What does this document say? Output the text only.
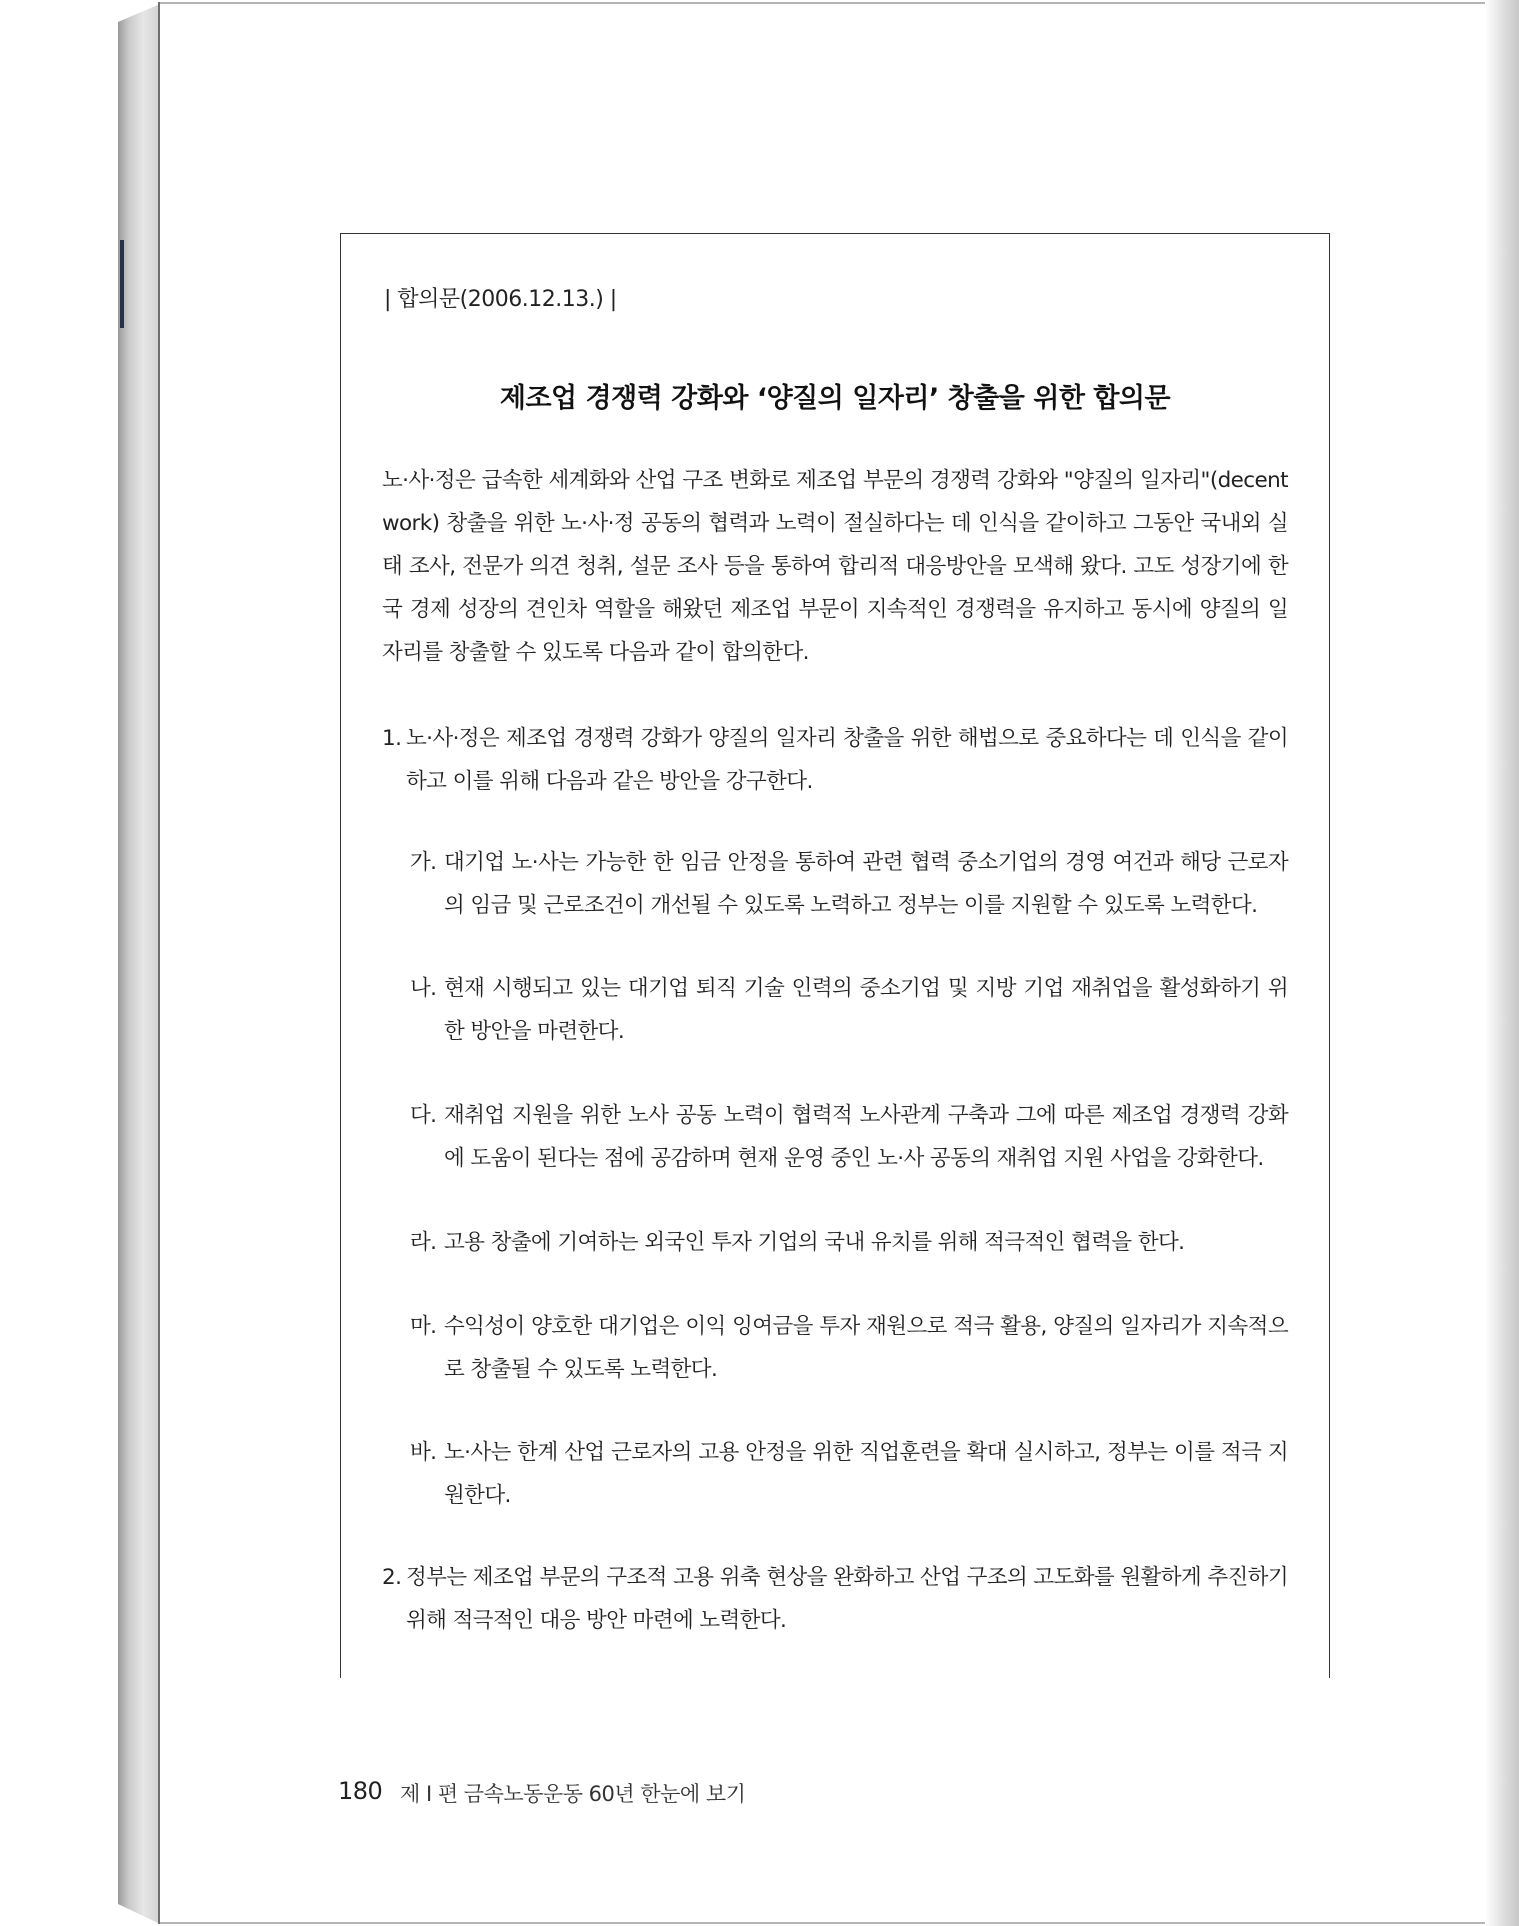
| 합의문(2006.12.13.) |
제조업 경쟁력 강화와 ‘양질의 일자리’ 창출을 위한 합의문
노·사·정은 급속한 세계화와 산업 구조 변화로 제조업 부문의 경쟁력 강화와 "양질의 일자리"(decent work) 창출을 위한 노·사·정 공동의 협력과 노력이 절실하다는 데 인식을 같이하고 그동안 국내외 실태 조사, 전문가 의견 청취, 설문 조사 등을 통하여 합리적 대응방안을 모색해 왔다. 고도 성장기에 한국 경제 성장의 견인차 역할을 해왔던 제조업 부문이 지속적인 경쟁력을 유지하고 동시에 양질의 일자리를 창출할 수 있도록 다음과 같이 합의한다.
1. 노·사·정은 제조업 경쟁력 강화가 양질의 일자리 창출을 위한 해법으로 중요하다는 데 인식을 같이 하고 이를 위해 다음과 같은 방안을 강구한다.
가. 대기업 노·사는 가능한 한 임금 안정을 통하여 관련 협력 중소기업의 경영 여건과 해당 근로자의 임금 및 근로조건이 개선될 수 있도록 노력하고 정부는 이를 지원할 수 있도록 노력한다.
나. 현재 시행되고 있는 대기업 퇴직 기술 인력의 중소기업 및 지방 기업 재취업을 활성화하기 위한 방안을 마련한다.
다. 재취업 지원을 위한 노사 공동 노력이 협력적 노사관계 구축과 그에 따른 제조업 경쟁력 강화에 도움이 된다는 점에 공감하며 현재 운영 중인 노·사 공동의 재취업 지원 사업을 강화한다.
라. 고용 창출에 기여하는 외국인 투자 기업의 국내 유치를 위해 적극적인 협력을 한다.
마. 수익성이 양호한 대기업은 이익 잉여금을 투자 재원으로 적극 활용, 양질의 일자리가 지속적으로 창출될 수 있도록 노력한다.
바. 노·사는 한계 산업 근로자의 고용 안정을 위한 직업훈련을 확대 실시하고, 정부는 이를 적극 지원한다.
2. 정부는 제조업 부문의 구조적 고용 위축 현상을 완화하고 산업 구조의 고도화를 원활하게 추진하기 위해 적극적인 대응 방안 마련에 노력한다.
180 제 I 편 금속노동운동 60년 한눈에 보기
